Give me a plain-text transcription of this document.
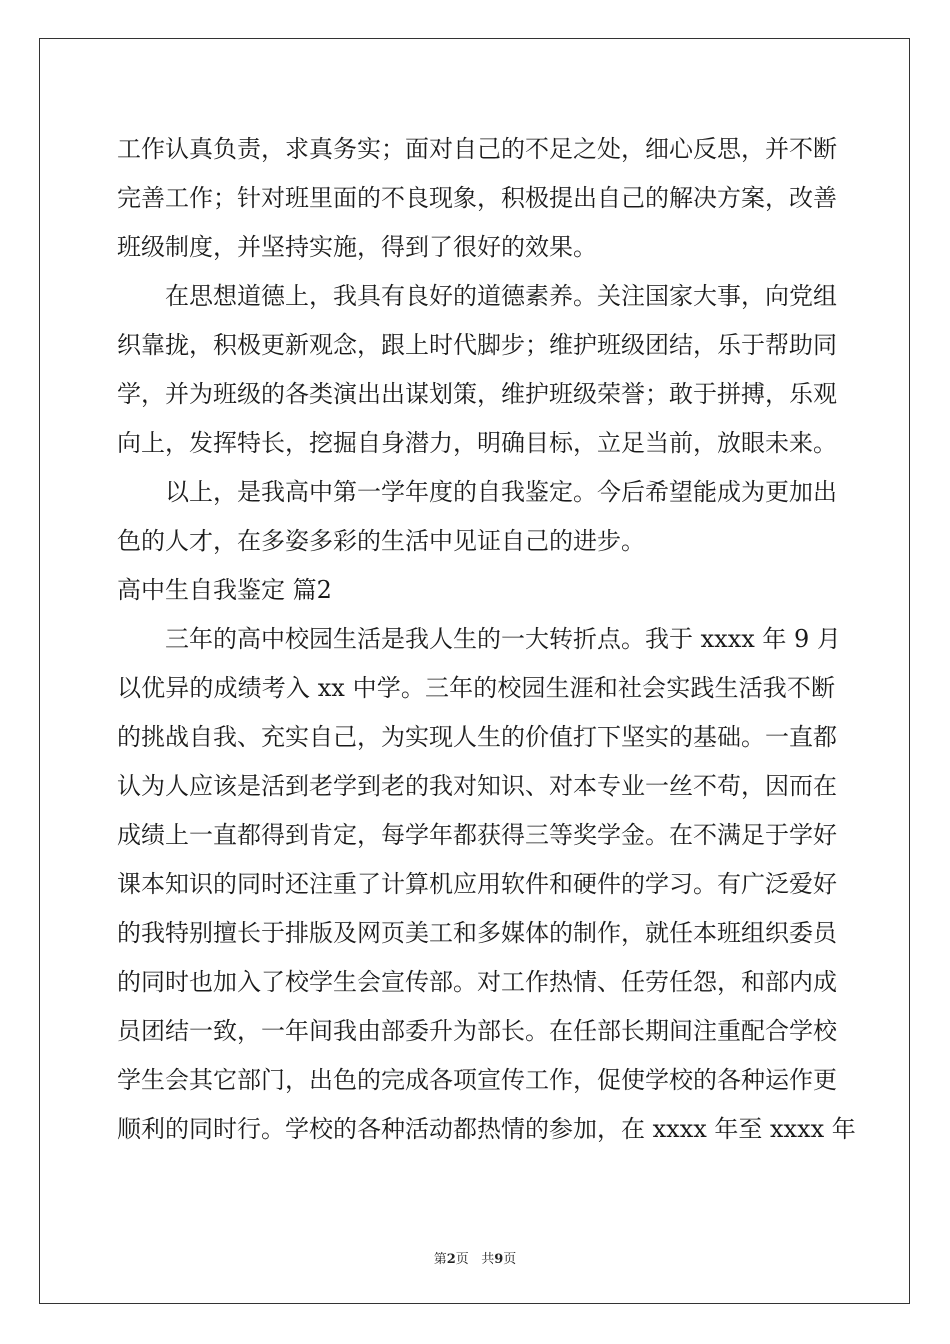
工作认真负责，求真务实；面对自己的不足之处，细心反思，并不断
完善工作；针对班里面的不良现象，积极提出自己的解决方案，改善
班级制度，并坚持实施，得到了很好的效果。
在思想道德上，我具有良好的道德素养。关注国家大事，向党组
织靠拢，积极更新观念，跟上时代脚步；维护班级团结，乐于帮助同
学，并为班级的各类演出出谋划策，维护班级荣誉；敢于拼搏，乐观
向上，发挥特长，挖掘自身潜力，明确目标，立足当前，放眼未来。
以上，是我高中第一学年度的自我鉴定。今后希望能成为更加出
色的人才，在多姿多彩的生活中见证自己的进步。
高中生自我鉴定 篇2
三年的高中校园生活是我人生的一大转折点。我于 xxxx 年 9 月
以优异的成绩考入 xx 中学。三年的校园生涯和社会实践生活我不断
的挑战自我、充实自己，为实现人生的价值打下坚实的基础。一直都
认为人应该是活到老学到老的我对知识、对本专业一丝不苟，因而在
成绩上一直都得到肯定，每学年都获得三等奖学金。在不满足于学好
课本知识的同时还注重了计算机应用软件和硬件的学习。有广泛爱好
的我特别擅长于排版及网页美工和多媒体的制作，就任本班组织委员
的同时也加入了校学生会宣传部。对工作热情、任劳任怨，和部内成
员团结一致，一年间我由部委升为部长。在任部长期间注重配合学校
学生会其它部门，出色的完成各项宣传工作，促使学校的各种运作更
顺利的同时行。学校的各种活动都热情的参加，在 xxxx 年至 xxxx 年
第2页 共9页
